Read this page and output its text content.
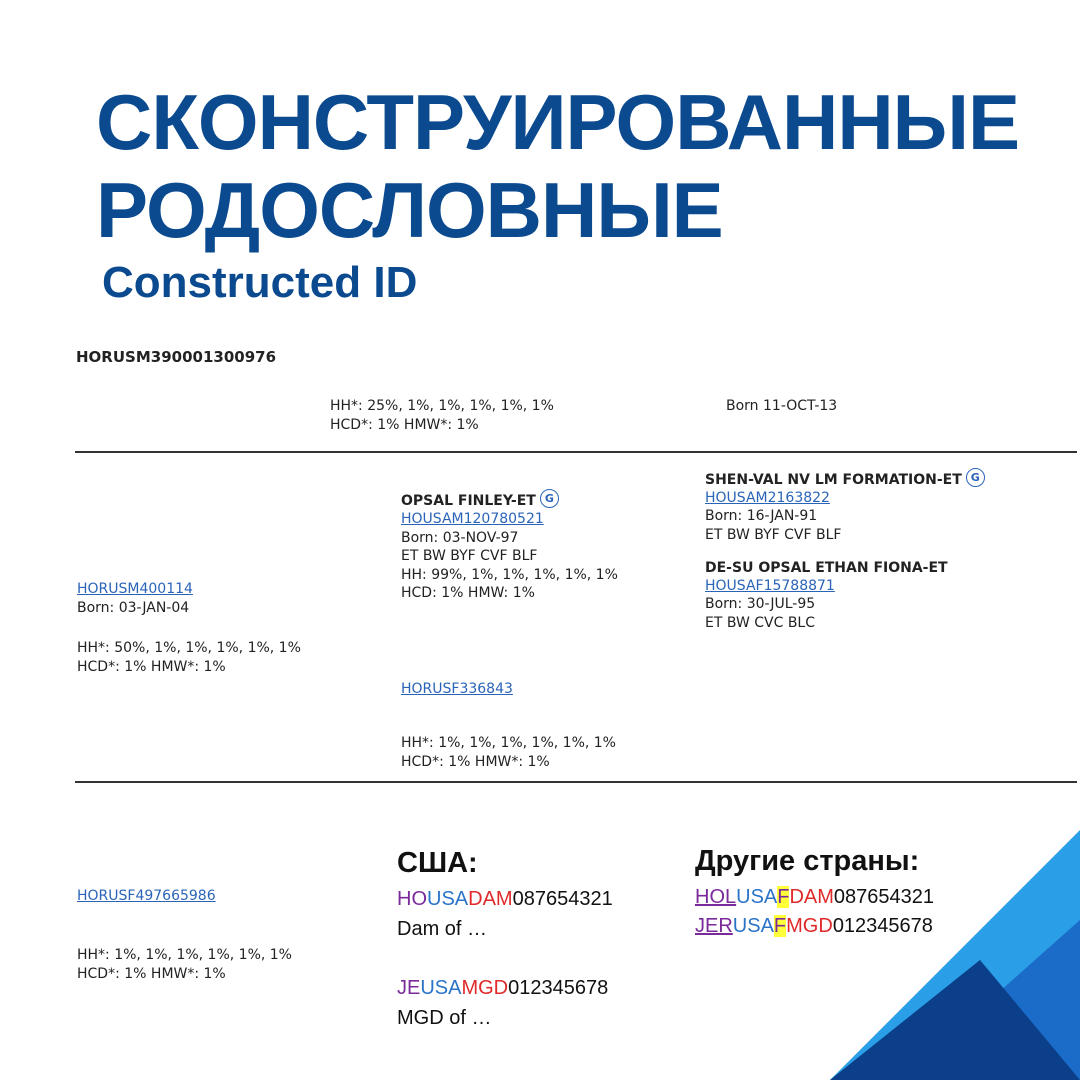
СКОНСТРУИРОВАННЫЕ
РОДОСЛОВНЫЕ
Constructed ID
HORUSM390001300976
HH*: 25%, 1%, 1%, 1%, 1%, 1%
HCD*: 1% HMW*: 1%
Born 11-OCT-13
HORUSM400114
Born: 03-JAN-04
HH*: 50%, 1%, 1%, 1%, 1%, 1%
HCD*: 1% HMW*: 1%
OPSAL FINLEY-ET G
HOUSAM120780521
Born: 03-NOV-97
ET BW BYF CVF BLF
HH: 99%, 1%, 1%, 1%, 1%, 1%
HCD: 1% HMW: 1%
SHEN-VAL NV LM FORMATION-ET G
HOUSAM2163822
Born: 16-JAN-91
ET BW BYF CVF BLF
DE-SU OPSAL ETHAN FIONA-ET
HOUSAF15788871
Born: 30-JUL-95
ET BW CVC BLC
HORUSF336843
HH*: 1%, 1%, 1%, 1%, 1%, 1%
HCD*: 1% HMW*: 1%
HORUSF497665986
HH*: 1%, 1%, 1%, 1%, 1%, 1%
HCD*: 1% HMW*: 1%
США:
HOUSADAM087654321
Dam of …
JEUSAMGD012345678
MGD of …
Другие страны:
HOLUSAFDAM087654321
JERUSAFMGD012345678
